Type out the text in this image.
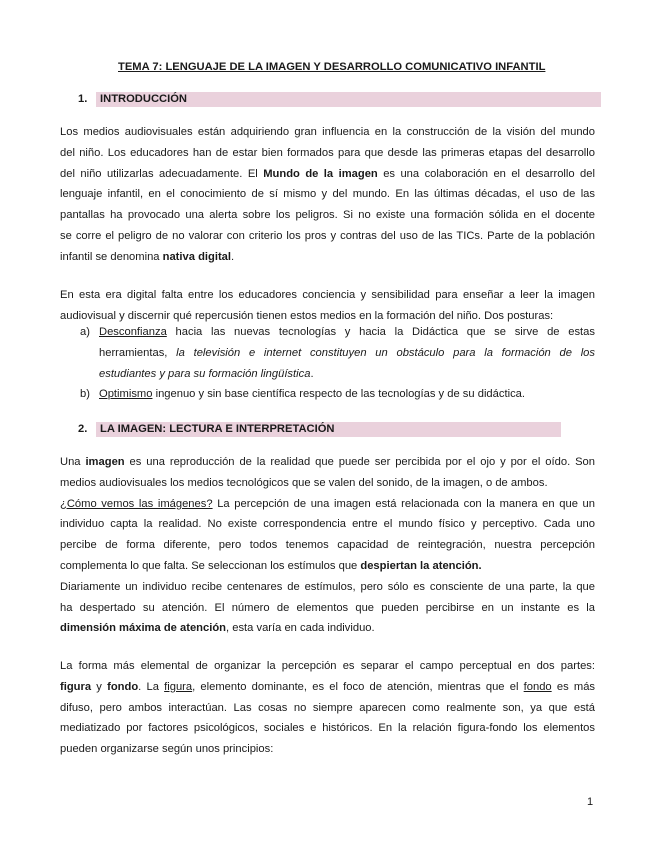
TEMA 7: LENGUAJE DE LA IMAGEN Y DESARROLLO COMUNICATIVO INFANTIL
1. INTRODUCCIÓN
Los medios audiovisuales están adquiriendo gran influencia en la construcción de la visión del mundo
del niño. Los educadores han de estar bien formados para que desde las primeras etapas del desarrollo
del niño utilizarlas adecuadamente. El Mundo de la imagen es una colaboración en el desarrollo del
lenguaje infantil, en el conocimiento de sí mismo y del mundo. En las últimas décadas, el uso de las
pantallas ha provocado una alerta sobre los peligros. Si no existe una formación sólida en el docente
se corre el peligro de no valorar con criterio los pros y contras del uso de las TICs. Parte de la población
infantil se denomina nativa digital.
En esta era digital falta entre los educadores conciencia y sensibilidad para enseñar a leer la imagen
audiovisual y discernir qué repercusión tienen estos medios en la formación del niño. Dos posturas:
a) Desconfianza hacia las nuevas tecnologías y hacia la Didáctica que se sirve de estas
herramientas, la televisión e internet constituyen un obstáculo para la formación de los
estudiantes y para su formación lingüística.
b) Optimismo ingenuo y sin base científica respecto de las tecnologías y de su didáctica.
2. LA IMAGEN: LECTURA E INTERPRETACIÓN
Una imagen es una reproducción de la realidad que puede ser percibida por el ojo y por el oído. Son
medios audiovisuales los medios tecnológicos que se valen del sonido, de la imagen, o de ambos.
¿Cómo vemos las imágenes? La percepción de una imagen está relacionada con la manera en que un
individuo capta la realidad. No existe correspondencia entre el mundo físico y perceptivo. Cada uno
percibe de forma diferente, pero todos tenemos capacidad de reintegración, nuestra percepción
complementa lo que falta. Se seleccionan los estímulos que despiertan la atención.
Diariamente un individuo recibe centenares de estímulos, pero sólo es consciente de una parte, la que
ha despertado su atención. El número de elementos que pueden percibirse en un instante es la
dimensión máxima de atención, esta varía en cada individuo.
La forma más elemental de organizar la percepción es separar el campo perceptual en dos partes:
figura y fondo. La figura, elemento dominante, es el foco de atención, mientras que el fondo es más
difuso, pero ambos interactúan. Las cosas no siempre aparecen como realmente son, ya que está
mediatizado por factores psicológicos, sociales e históricos. En la relación figura-fondo los elementos
pueden organizarse según unos principios:
1
